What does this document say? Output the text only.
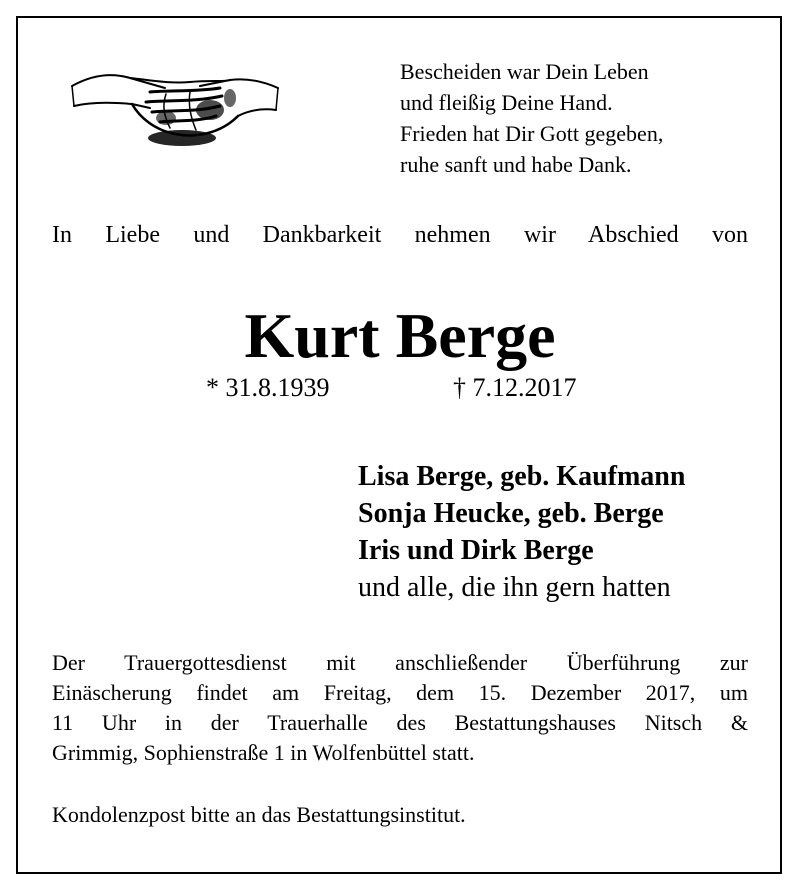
Bescheiden war Dein Leben
und fleißig Deine Hand.
Frieden hat Dir Gott gegeben,
ruhe sanft und habe Dank.
In Liebe und Dankbarkeit nehmen wir Abschied von
Kurt Berge
* 31.8.1939	† 7.12.2017
Lisa Berge, geb. Kaufmann
Sonja Heucke, geb. Berge
Iris und Dirk Berge
und alle, die ihn gern hatten
Der Trauergottesdienst mit anschließender Überführung zur
Einäscherung findet am Freitag, dem 15. Dezember 2017, um
11 Uhr in der Trauerhalle des Bestattungshauses Nitsch &
Grimmig, Sophienstraße 1 in Wolfenbüttel statt.
Kondolenzpost bitte an das Bestattungsinstitut.
